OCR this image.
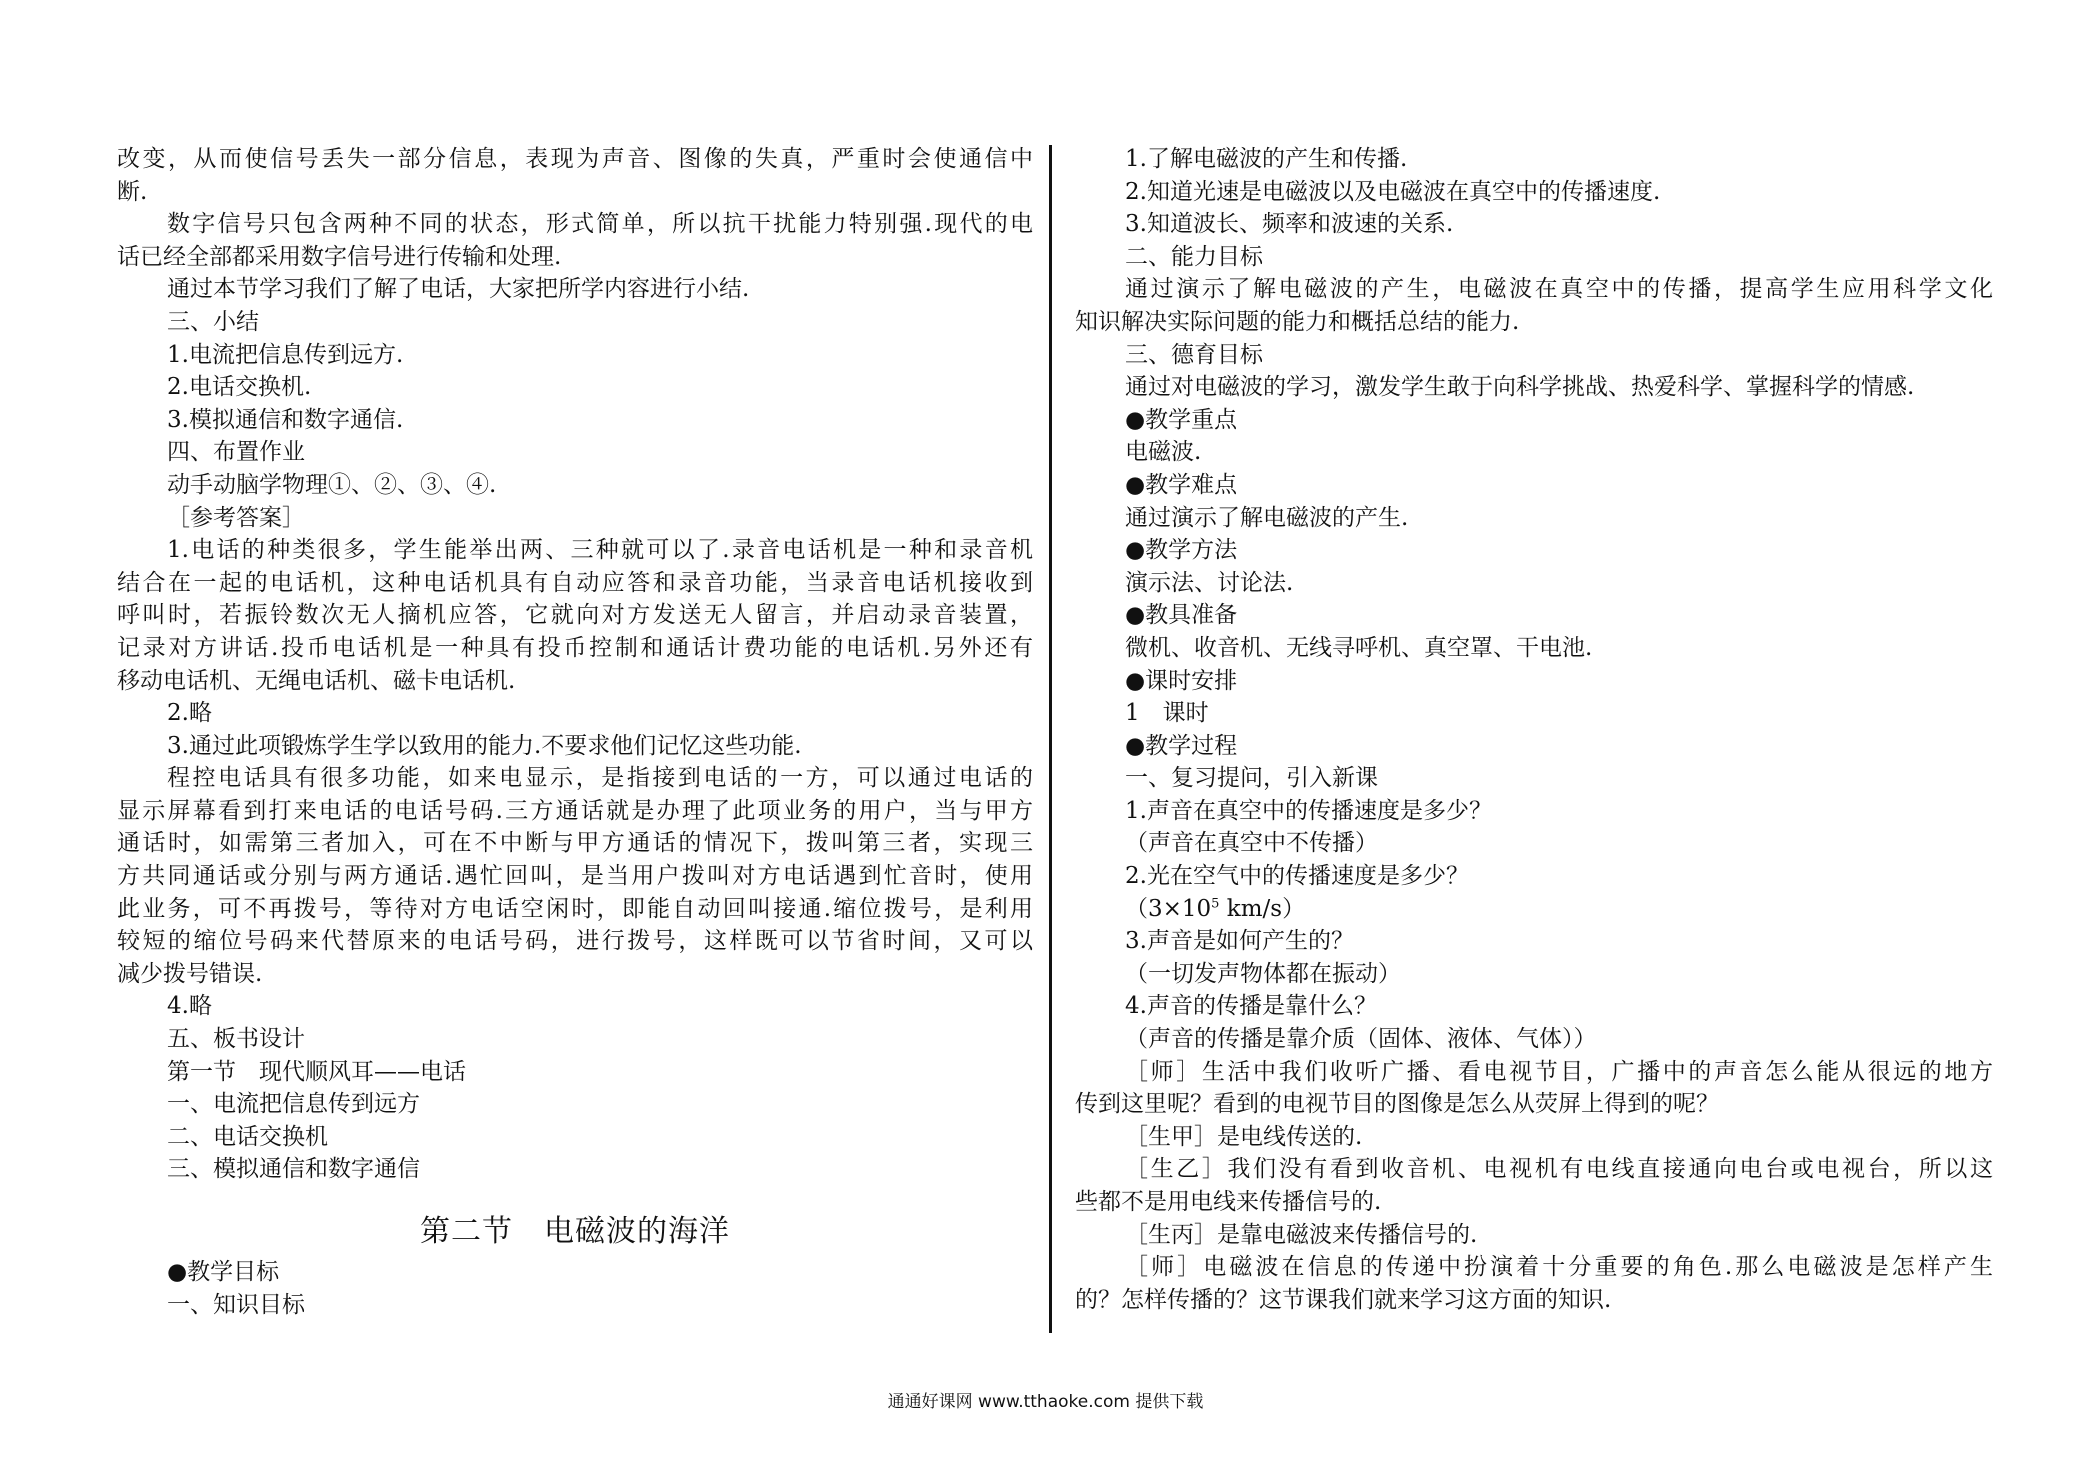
改变，从而使信号丢失一部分信息，表现为声音、图像的失真，严重时会使通信中
断.
数字信号只包含两种不同的状态，形式简单，所以抗干扰能力特别强.现代的电
话已经全部都采用数字信号进行传输和处理.
通过本节学习我们了解了电话，大家把所学内容进行小结.
三、小结
1.电流把信息传到远方.
2.电话交换机.
3.模拟通信和数字通信.
四、布置作业
动手动脑学物理①、②、③、④.
［参考答案］
1.电话的种类很多，学生能举出两、三种就可以了.录音电话机是一种和录音机
结合在一起的电话机，这种电话机具有自动应答和录音功能，当录音电话机接收到
呼叫时，若振铃数次无人摘机应答，它就向对方发送无人留言，并启动录音装置，
记录对方讲话.投币电话机是一种具有投币控制和通话计费功能的电话机.另外还有
移动电话机、无绳电话机、磁卡电话机.
2.略
3.通过此项锻炼学生学以致用的能力.不要求他们记忆这些功能.
程控电话具有很多功能，如来电显示，是指接到电话的一方，可以通过电话的
显示屏幕看到打来电话的电话号码.三方通话就是办理了此项业务的用户，当与甲方
通话时，如需第三者加入，可在不中断与甲方通话的情况下，拨叫第三者，实现三
方共同通话或分别与两方通话.遇忙回叫，是当用户拨叫对方电话遇到忙音时，使用
此业务，可不再拨号，等待对方电话空闲时，即能自动回叫接通.缩位拨号，是利用
较短的缩位号码来代替原来的电话号码，进行拨号，这样既可以节省时间，又可以
减少拨号错误.
4.略
五、板书设计
第一节　现代顺风耳——电话
一、电流把信息传到远方
二、电话交换机
三、模拟通信和数字通信
第二节　电磁波的海洋
●教学目标
一、知识目标
1.了解电磁波的产生和传播.
2.知道光速是电磁波以及电磁波在真空中的传播速度.
3.知道波长、频率和波速的关系.
二、能力目标
通过演示了解电磁波的产生，电磁波在真空中的传播，提高学生应用科学文化
知识解决实际问题的能力和概括总结的能力.
三、德育目标
通过对电磁波的学习，激发学生敢于向科学挑战、热爱科学、掌握科学的情感.
●教学重点
电磁波.
●教学难点
通过演示了解电磁波的产生.
●教学方法
演示法、讨论法.
●教具准备
微机、收音机、无线寻呼机、真空罩、干电池.
●课时安排
1　课时
●教学过程
一、复习提问，引入新课
1.声音在真空中的传播速度是多少？
（声音在真空中不传播）
2.光在空气中的传播速度是多少？
（$3\times 10^5$ km/s）
3.声音是如何产生的？
（一切发声物体都在振动）
4.声音的传播是靠什么？
（声音的传播是靠介质（固体、液体、气体））
［师］生活中我们收听广播、看电视节目，广播中的声音怎么能从很远的地方
传到这里呢？看到的电视节目的图像是怎么从荧屏上得到的呢？
［生甲］是电线传送的.
［生乙］我们没有看到收音机、电视机有电线直接通向电台或电视台，所以这
些都不是用电线来传播信号的.
［生丙］是靠电磁波来传播信号的.
［师］电磁波在信息的传递中扮演着十分重要的角色.那么电磁波是怎样产生
的？怎样传播的？这节课我们就来学习这方面的知识.
通通好课网 www.tthaoke.com 提供下载
